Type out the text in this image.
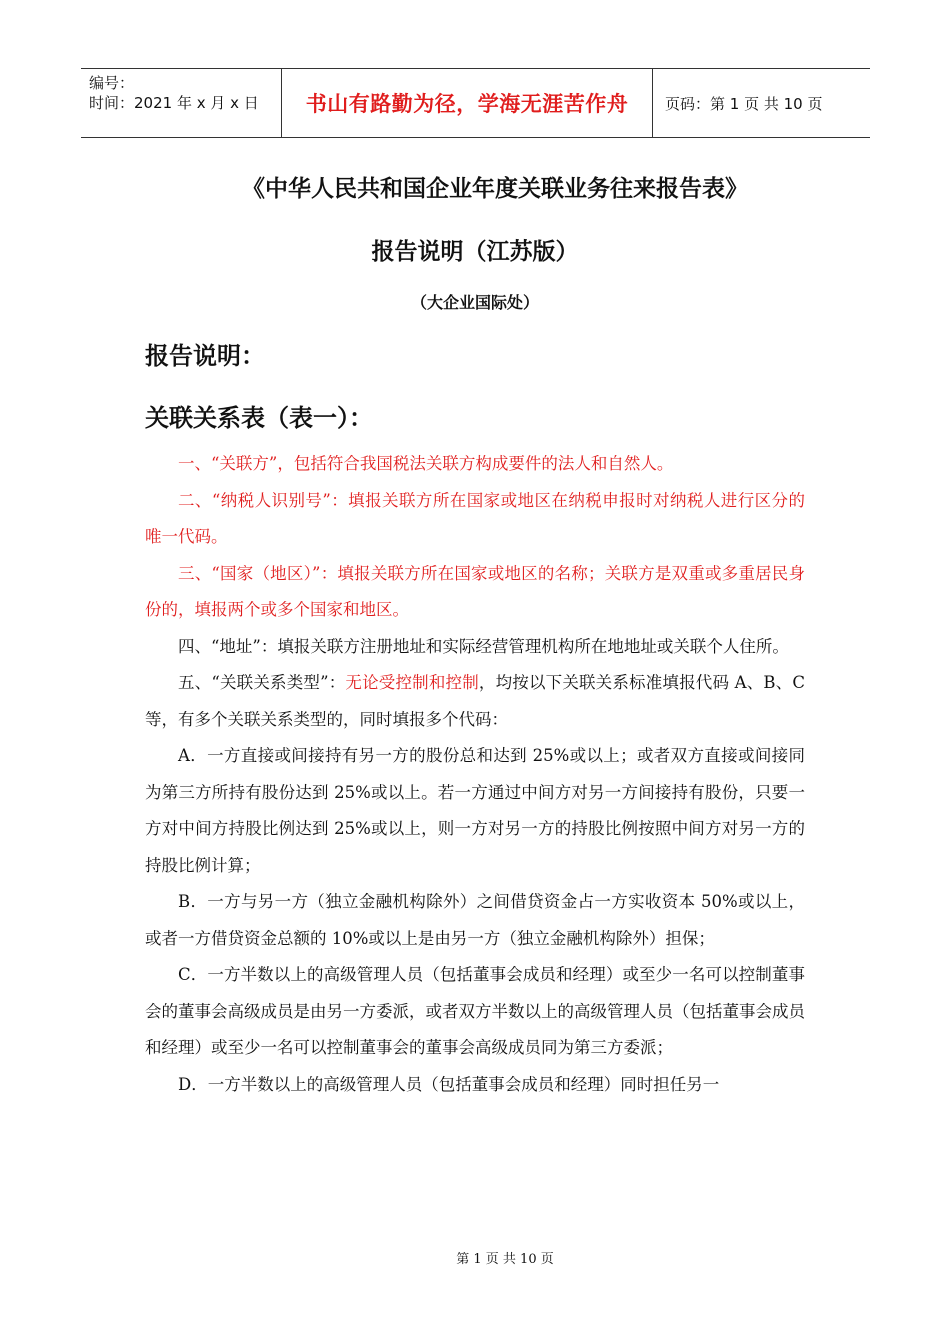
编号：
时间：2021 年 x 月 x 日	书山有路勤为径，学海无涯苦作舟	页码：第 1 页 共 10 页
《中华人民共和国企业年度关联业务往来报告表》
报告说明（江苏版）
（大企业国际处）
报告说明：
关联关系表（表一）：

一、“关联方”，包括符合我国税法关联方构成要件的法人和自然人。

二、“纳税人识别号”：填报关联方所在国家或地区在纳税申报时对纳税人进行区分的唯一代码。

三、“国家（地区）”：填报关联方所在国家或地区的名称；关联方是双重或多重居民身份的，填报两个或多个国家和地区。

四、“地址”：填报关联方注册地址和实际经营管理机构所在地地址或关联个人住所。

五、“关联关系类型”：无论受控制和控制，均按以下关联关系标准填报代码 A、B、C 等，有多个关联关系类型的，同时填报多个代码：

A．一方直接或间接持有另一方的股份总和达到 25%或以上；或者双方直接或间接同为第三方所持有股份达到 25%或以上。若一方通过中间方对另一方间接持有股份，只要一方对中间方持股比例达到 25%或以上，则一方对另一方的持股比例按照中间方对另一方的持股比例计算；

B．一方与另一方（独立金融机构除外）之间借贷资金占一方实收资本 50%或以上，或者一方借贷资金总额的 10%或以上是由另一方（独立金融机构除外）担保；

C．一方半数以上的高级管理人员（包括董事会成员和经理）或至少一名可以控制董事会的董事会高级成员是由另一方委派，或者双方半数以上的高级管理人员（包括董事会成员和经理）或至少一名可以控制董事会的董事会高级成员同为第三方委派；

D．一方半数以上的高级管理人员（包括董事会成员和经理）同时担任另一

第 1 页 共 10 页
